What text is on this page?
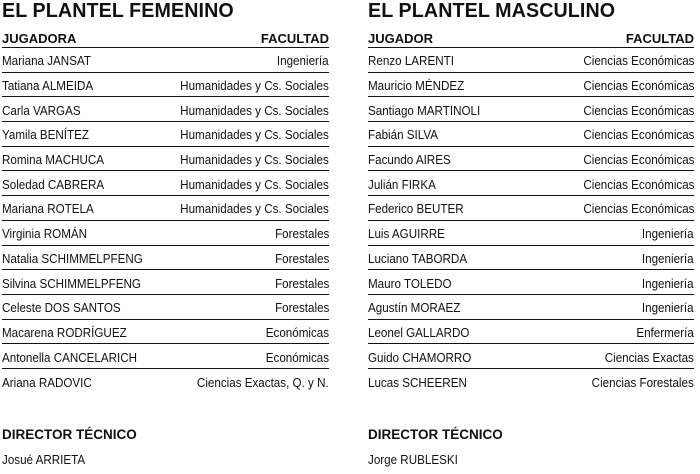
EL PLANTEL FEMENINO
JUGADORA	FACULTAD
Mariana JANSAT	Ingeniería
Tatiana ALMEIDA	Humanidades y Cs. Sociales
Carla VARGAS	Humanidades y Cs. Sociales
Yamila BENÍTEZ	Humanidades y Cs. Sociales
Romina MACHUCA	Humanidades y Cs. Sociales
Soledad CABRERA	Humanidades y Cs. Sociales
Mariana ROTELA	Humanidades y Cs. Sociales
Virginia ROMÁN	Forestales
Natalia SCHIMMELPFENG	Forestales
Silvina SCHIMMELPFENG	Forestales
Celeste DOS SANTOS	Forestales
Macarena RODRÍGUEZ	Económicas
Antonella CANCELARICH	Económicas
Ariana RADOVIC	Ciencias Exactas, Q. y N.
DIRECTOR TÉCNICO
Josué ARRIETA
EL PLANTEL MASCULINO
JUGADOR	FACULTAD
Renzo LARENTI	Ciencias Económicas
Mauricio MÉNDEZ	Ciencias Económicas
Santiago MARTINOLI	Ciencias Económicas
Fabián SILVA	Ciencias Económicas
Facundo AIRES	Ciencias Económicas
Julián FIRKA	Ciencias Económicas
Federico BEUTER	Ciencias Económicas
Luis AGUIRRE	Ingeniería
Luciano TABORDA	Ingeniería
Mauro TOLEDO	Ingeniería
Agustín MORAEZ	Ingeniería
Leonel GALLARDO	Enfermería
Guido CHAMORRO	Ciencias Exactas
Lucas SCHEEREN	Ciencias Forestales
DIRECTOR TÉCNICO
Jorge RUBLESKI
